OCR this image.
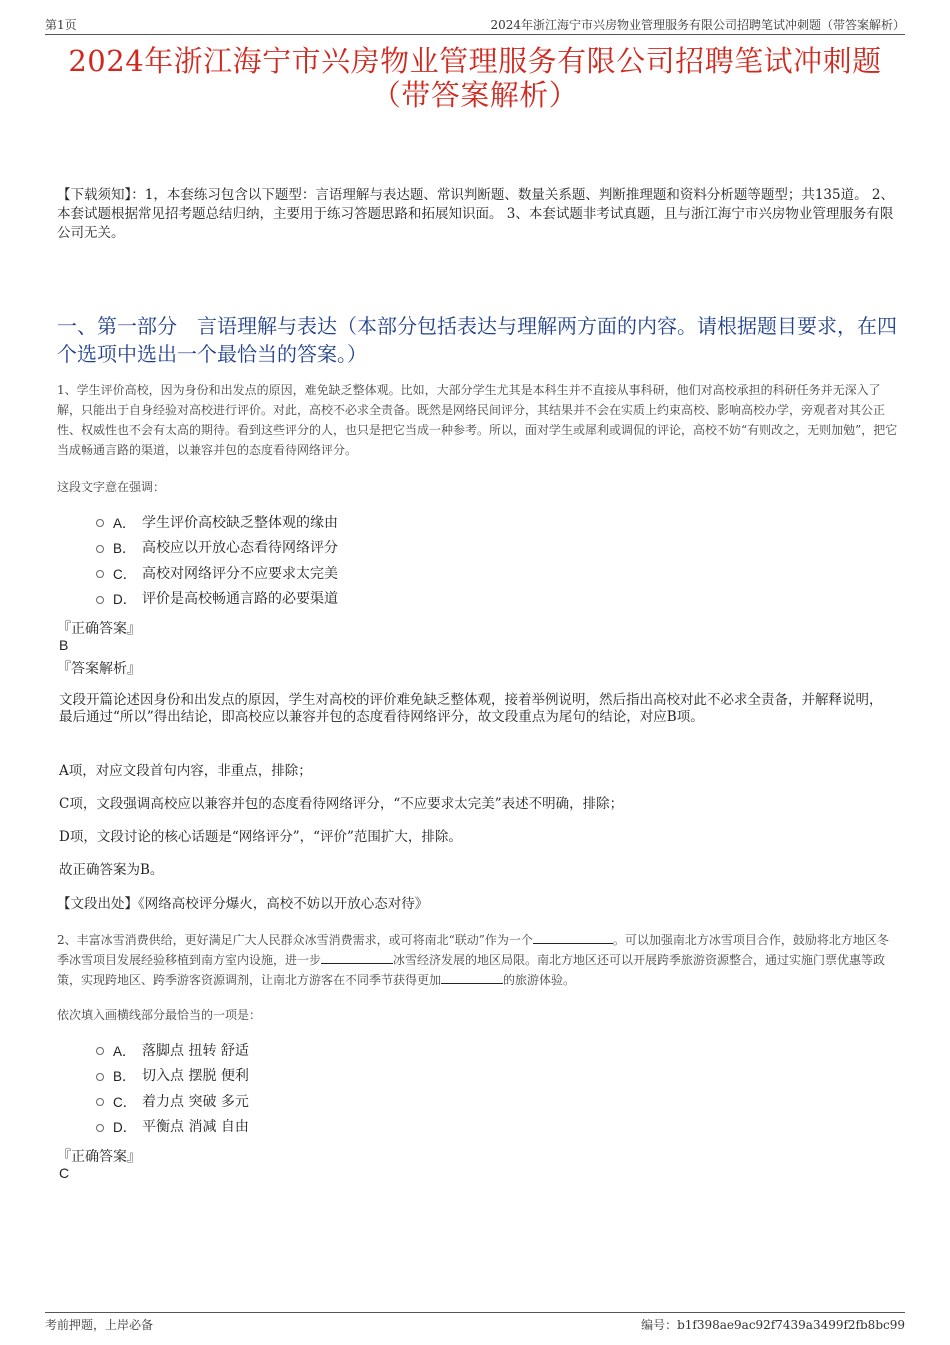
第1页	2024年浙江海宁市兴房物业管理服务有限公司招聘笔试冲刺题（带答案解析）
2024年浙江海宁市兴房物业管理服务有限公司招聘笔试冲刺题
（带答案解析）
【下载须知】：1，本套练习包含以下题型：言语理解与表达题、常识判断题、数量关系题、判断推理题和资料分析题等题型；共135道。 2、本套试题根据常见招考题总结归纳，主要用于练习答题思路和拓展知识面。 3、本套试题非考试真题，且与浙江海宁市兴房物业管理服务有限公司无关。
一、第一部分　言语理解与表达（本部分包括表达与理解两方面的内容。请根据题目要求，在四个选项中选出一个最恰当的答案。）
1、学生评价高校，因为身份和出发点的原因，难免缺乏整体观。比如，大部分学生尤其是本科生并不直接从事科研，他们对高校承担的科研任务并无深入了解，只能出于自身经验对高校进行评价。对此，高校不必求全责备。既然是网络民间评分，其结果并不会在实质上约束高校、影响高校办学，旁观者对其公正性、权威性也不会有太高的期待。看到这些评分的人，也只是把它当成一种参考。所以，面对学生或犀利或调侃的评论，高校不妨“有则改之，无则加勉”，把它当成畅通言路的渠道，以兼容并包的态度看待网络评分。
这段文字意在强调：
A． 学生评价高校缺乏整体观的缘由
B． 高校应以开放心态看待网络评分
C． 高校对网络评分不应要求太完美
D． 评价是高校畅通言路的必要渠道
『正确答案』
B
『答案解析』
文段开篇论述因身份和出发点的原因，学生对高校的评价难免缺乏整体观，接着举例说明，然后指出高校对此不必求全责备，并解释说明，最后通过“所以”得出结论，即高校应以兼容并包的态度看待网络评分，故文段重点为尾句的结论，对应B项。
A项，对应文段首句内容，非重点，排除；
C项，文段强调高校应以兼容并包的态度看待网络评分，“不应要求太完美”表述不明确，排除；
D项，文段讨论的核心话题是“网络评分”，“评价”范围扩大，排除。
故正确答案为B。
【文段出处】《网络高校评分爆火，高校不妨以开放心态对待》
2、丰富冰雪消费供给，更好满足广大人民群众冰雪消费需求，或可将南北“联动”作为一个	。可以加强南北方冰雪项目合作，鼓励将北方地区冬季冰雪项目发展经验移植到南方室内设施，进一步	冰雪经济发展的地区局限。南北方地区还可以开展跨季旅游资源整合，通过实施门票优惠等政策，实现跨地区、跨季游客资源调剂，让南北方游客在不同季节获得更加	的旅游体验。
依次填入画横线部分最恰当的一项是：
A． 落脚点 扭转 舒适
B． 切入点 摆脱 便利
C． 着力点 突破 多元
D． 平衡点 消减 自由
『正确答案』
C
考前押题，上岸必备	编号：b1f398ae9ac92f7439a3499f2fb8bc99
